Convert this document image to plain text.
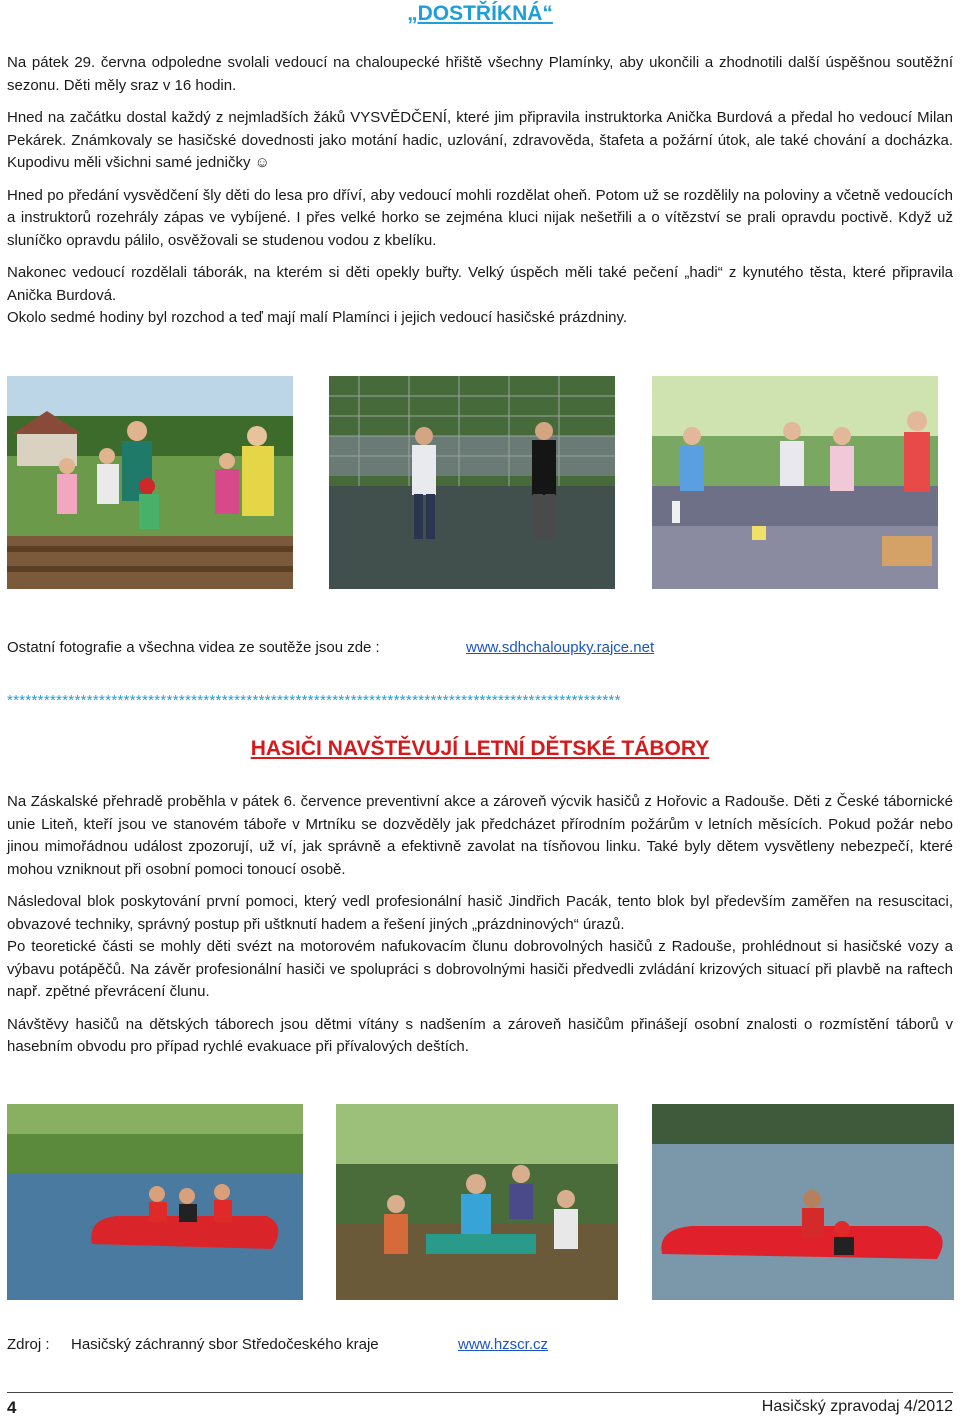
„DOSTŘÍKNÁ“

Na pátek 29. června odpoledne svolali vedoucí na chaloupecké hřiště všechny Plamínky, aby ukončili a zhodnotili další úspěšnou soutěžní sezonu. Děti měly sraz v 16 hodin.

Hned na začátku dostal každý z nejmladších žáků VYSVĚDČENÍ, které jim připravila instruktorka Anička Burdová a předal ho vedoucí Milan Pekárek. Známkovaly se hasičské dovednosti jako motání hadic, uzlování, zdravověda, štafeta a požární útok, ale také chování a docházka. Kupodivu měli všichni samé jedničky ☺

Hned po předání vysvědčení šly děti do lesa pro dříví, aby vedoucí mohli rozdělat oheň. Potom už se rozdělily na poloviny a včetně vedoucích a instruktorů rozehrály zápas ve vybíjené. I přes velké horko se zejména kluci nijak nešetřili a o vítězství se prali opravdu poctivě. Když už sluníčko opravdu pálilo, osvěžovali se studenou vodou z kbelíku.

Nakonec vedoucí rozdělali táborák, na kterém si děti opekly buřty. Velký úspěch měli také pečení „hadi“ z kynutého těsta, které připravila Anička Burdová.

Okolo sedmé hodiny byl rozchod a teď mají malí Plamínci i jejich vedoucí hasičské prázdniny.

Ostatní fotografie a všechna videa ze soutěže jsou zde :	www.sdhchaloupky.rajce.net
****************************************************************************************************
HASIČI NAVŠTĚVUJÍ LETNÍ DĚTSKÉ TÁBORY

Na Záskalské přehradě proběhla v pátek 6. července preventivní akce a zároveň výcvik hasičů z Hořovic a Radouše. Děti z České tábornické unie Liteň, kteří jsou ve stanovém táboře v Mrtníku se dozvěděly jak předcházet přírodním požárům v letních měsících. Pokud požár nebo jinou mimořádnou událost zpozorují, už ví, jak správně a efektivně zavolat na tísňovou linku. Také byly dětem vysvětleny nebezpečí, které mohou vzniknout při osobní pomoci tonoucí osobě.

Následoval blok poskytování první pomoci, který vedl profesionální hasič Jindřich Pacák, tento blok byl především zaměřen na resuscitaci, obvazové techniky, správný postup při uštknutí hadem a řešení jiných „prázdninových“ úrazů.

Po teoretické části se mohly děti svézt na motorovém nafukovacím člunu dobrovolných hasičů z Radouše, prohlédnout si hasičské vozy a výbavu potápěčů. Na závěr profesionální hasiči ve spolupráci s dobrovolnými hasiči předvedli zvládání krizových situací při plavbě na raftech např. zpětné převrácení člunu.

Návštěvy hasičů na dětských táborech jsou dětmi vítány s nadšením a zároveň hasičům přinášejí osobní znalosti o rozmístění táborů v hasebním obvodu pro případ rychlé evakuace při přívalových deštích.

Zdroj : Hasičský záchranný sbor Středočeského kraje	www.hzscr.cz
4	Hasičský zpravodaj 4/2012
